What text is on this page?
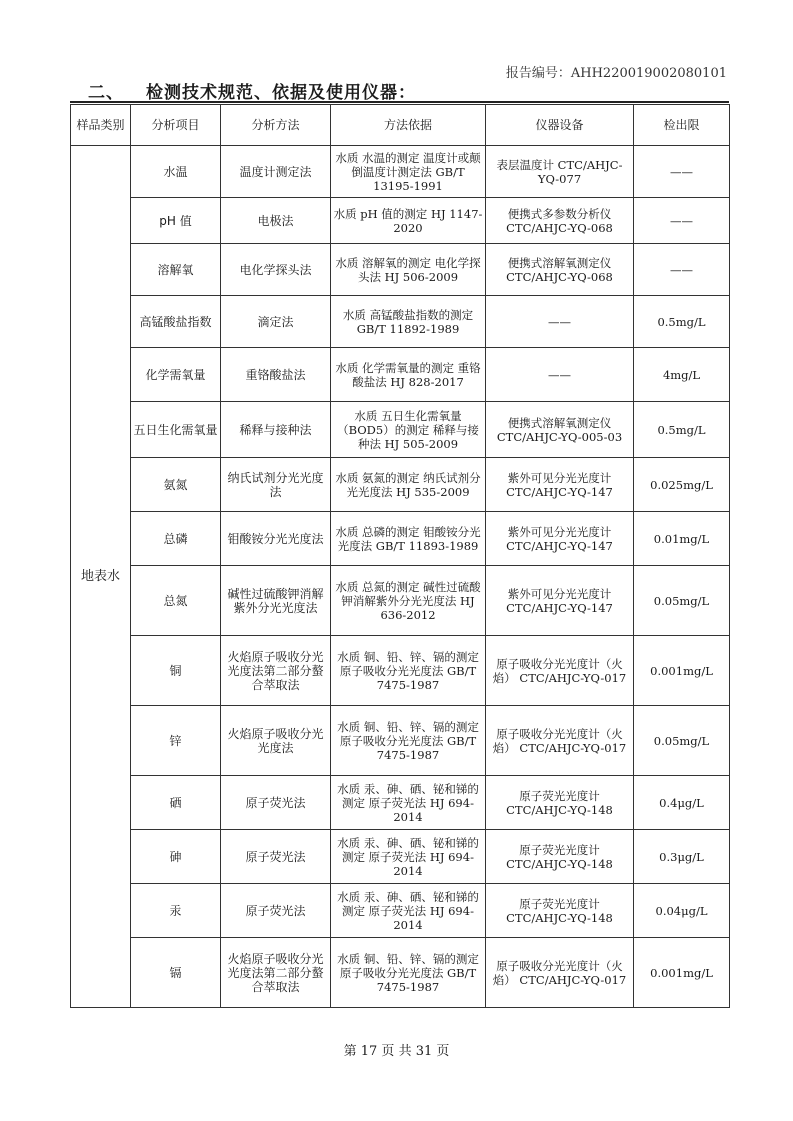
报告编号：AHH22001900208010​1
二、 检测技术规范、依据及使用仪器：
样品类别	分析项目	分析方法	方法依据	仪器设备	检出限
地表水	水温	温度计测定法	水质 水温的测定 温度计或颠倒温度计测定法 GB/T 13195-1991	表层温度计 CTC/AHJC-YQ-077	——
	pH 值	电极法	水质 pH 值的测定 HJ 1147-2020	便携式多参数分析仪 CTC/AHJC-YQ-068	——
	溶解氧	电化学探头法	水质 溶解氧的测定 电化学探头法 HJ 506-2009	便携式溶解氧测定仪 CTC/AHJC-YQ-068	——
	高锰酸盐指数	滴定法	水质 高锰酸盐指数的测定 GB/T 11892-1989	——	0.5mg/L
	化学需氧量	重铬酸盐法	水质 化学需氧量的测定 重铬酸盐法 HJ 828-2017	——	4mg/L
	五日生化需氧量	稀释与接种法	水质 五日生化需氧量（BOD5）的测定 稀释与接种法 HJ 505-2009	便携式溶解氧测定仪 CTC/AHJC-YQ-005-03	0.5mg/L
	氨氮	纳氏试剂分光光度法	水质 氨氮的测定 纳氏试剂分光光度法 HJ 535-2009	紫外可见分光光度计 CTC/AHJC-YQ-147	0.025mg/L
	总磷	钼酸铵分光光度法	水质 总磷的测定 钼酸铵分光光度法 GB/T 11893-1989	紫外可见分光光度计 CTC/AHJC-YQ-147	0.01mg/L
	总氮	碱性过硫酸钾消解紫外分光光度法	水质 总氮的测定 碱性过硫酸钾消解紫外分光光度法 HJ 636-2012	紫外可见分光光度计 CTC/AHJC-YQ-147	0.05mg/L
	铜	火焰原子吸收分光光度法第二部分螯合萃取法	水质 铜、铅、锌、镉的测定 原子吸收分光光度法 GB/T 7475-1987	原子吸收分光光度计（火焰） CTC/AHJC-YQ-017	0.001mg/L
	锌	火焰原子吸收分光光度法	水质 铜、铅、锌、镉的测定 原子吸收分光光度法 GB/T 7475-1987	原子吸收分光光度计（火焰） CTC/AHJC-YQ-017	0.05mg/L
	硒	原子荧光法	水质 汞、砷、硒、铋和锑的测定 原子荧光法 HJ 694-2014	原子荧光光度计 CTC/AHJC-YQ-148	0.4μg/L
	砷	原子荧光法	水质 汞、砷、硒、铋和锑的测定 原子荧光法 HJ 694-2014	原子荧光光度计 CTC/AHJC-YQ-148	0.3μg/L
	汞	原子荧光法	水质 汞、砷、硒、铋和锑的测定 原子荧光法 HJ 694-2014	原子荧光光度计 CTC/AHJC-YQ-148	0.04μg/L
	镉	火焰原子吸收分光光度法第二部分螯合萃取法	水质 铜、铅、锌、镉的测定 原子吸收分光光度法 GB/T 7475-1987	原子吸收分光光度计（火焰） CTC/AHJC-YQ-017	0.001mg/L
第 17 页 共 31 页
